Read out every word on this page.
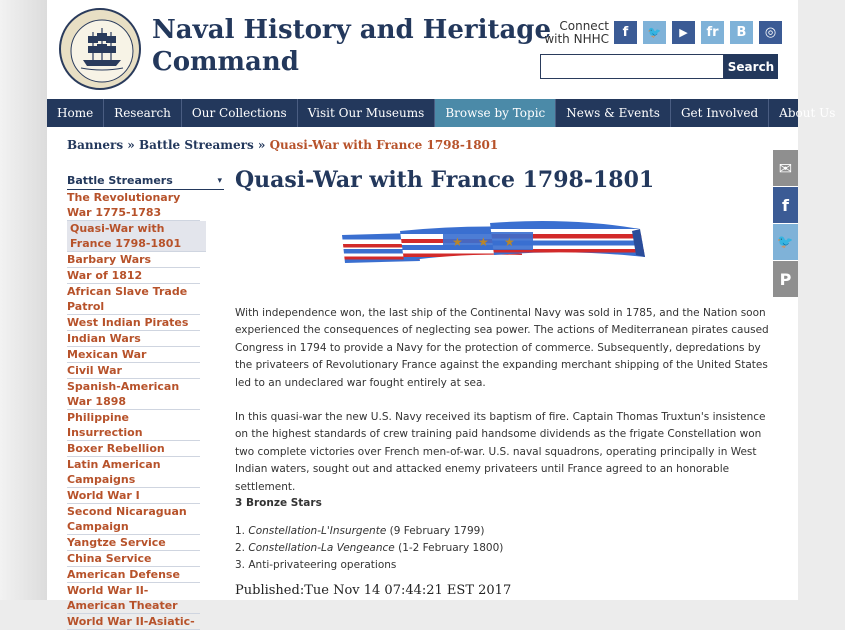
Naval History and Heritage Command
Connect with NHHC f 🐦 ▶ fr B ◎
Search
Home	Research	Our Collections	Visit Our Museums	Browse by Topic	News & Events	Get Involved	About Us
Banners » Battle Streamers » Quasi-War with France 1798-1801
Battle Streamers	▾
The Revolutionary War 1775-1783
Quasi-War with France 1798-1801
Barbary Wars
War of 1812
African Slave Trade Patrol
West Indian Pirates
Indian Wars
Mexican War
Civil War
Spanish-American War 1898
Philippine Insurrection
Boxer Rebellion
Latin American Campaigns
World War I
Second Nicaraguan Campaign
Yangtze Service
China Service
American Defense
World War II-American Theater
World War II-Asiatic-
Quasi-War with France 1798-1801
★ ★ ★

With independence won, the last ship of the Continental Navy was sold in 1785, and the Nation soon experienced the consequences of neglecting sea power. The actions of Mediterranean pirates caused Congress in 1794 to provide a Navy for the protection of commerce. Subsequently, depredations by the privateers of Revolutionary France against the expanding merchant shipping of the United States led to an undeclared war fought entirely at sea.

In this quasi-war the new U.S. Navy received its baptism of fire. Captain Thomas Truxtun's insistence on the highest standards of crew training paid handsome dividends as the frigate Constellation won two complete victories over French men-of-war. U.S. naval squadrons, operating principally in West Indian waters, sought out and attacked enemy privateers until France agreed to an honorable settlement.

3 Bronze Stars
1. Constellation-L'Insurgente (9 February 1799)
2. Constellation-La Vengeance (1-2 February 1800)
3. Anti-privateering operations
Published:Tue Nov 14 07:44:21 EST 2017
✉
f
🐦
P
